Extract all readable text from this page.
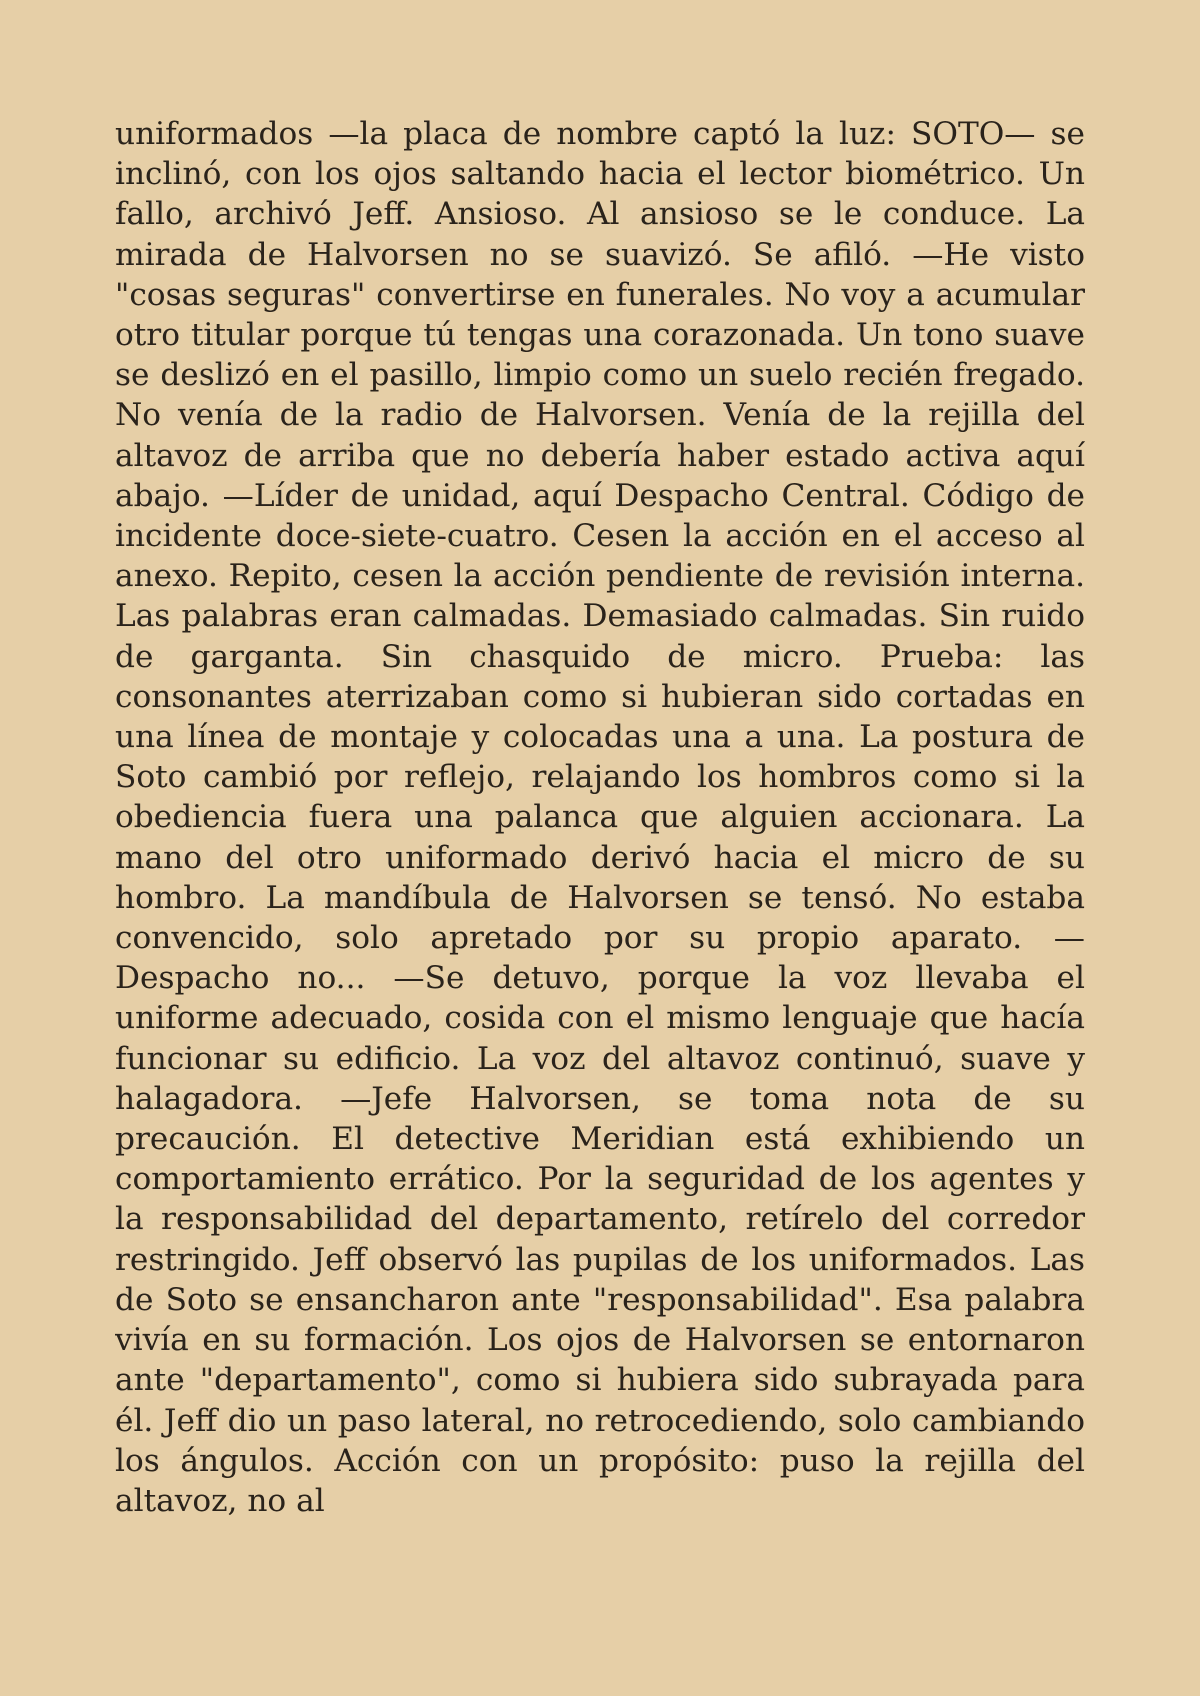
uniformados —la placa de nombre captó la luz: SOTO— se inclinó, con los ojos saltando hacia el lector biométrico. Un fallo, archivó Jeff. Ansioso. Al ansioso se le conduce. La mirada de Halvorsen no se suavizó. Se afiló. —He visto "cosas seguras" convertirse en funerales. No voy a acumular otro titular porque tú tengas una corazonada. Un tono suave se deslizó en el pasillo, limpio como un suelo recién fregado. No venía de la radio de Halvorsen. Venía de la rejilla del altavoz de arriba que no debería haber estado activa aquí abajo. —Líder de unidad, aquí Despacho Central. Código de incidente doce-siete-cuatro. Cesen la acción en el acceso al anexo. Repito, cesen la acción pendiente de revisión interna. Las palabras eran calmadas. Demasiado calmadas. Sin ruido de garganta. Sin chasquido de micro. Prueba: las consonantes aterrizaban como si hubieran sido cortadas en una línea de montaje y colocadas una a una. La postura de Soto cambió por reflejo, relajando los hombros como si la obediencia fuera una palanca que alguien accionara. La mano del otro uniformado derivó hacia el micro de su hombro. La mandíbula de Halvorsen se tensó. No estaba convencido, solo apretado por su propio aparato. —Despacho no... —Se detuvo, porque la voz llevaba el uniforme adecuado, cosida con el mismo lenguaje que hacía funcionar su edificio. La voz del altavoz continuó, suave y halagadora. —Jefe Halvorsen, se toma nota de su precaución. El detective Meridian está exhibiendo un comportamiento errático. Por la seguridad de los agentes y la responsabilidad del departamento, retírelo del corredor restringido. Jeff observó las pupilas de los uniformados. Las de Soto se ensancharon ante "responsabilidad". Esa palabra vivía en su formación. Los ojos de Halvorsen se entornaron ante "departamento", como si hubiera sido subrayada para él. Jeff dio un paso lateral, no retrocediendo, solo cambiando los ángulos. Acción con un propósito: puso la rejilla del altavoz, no al
